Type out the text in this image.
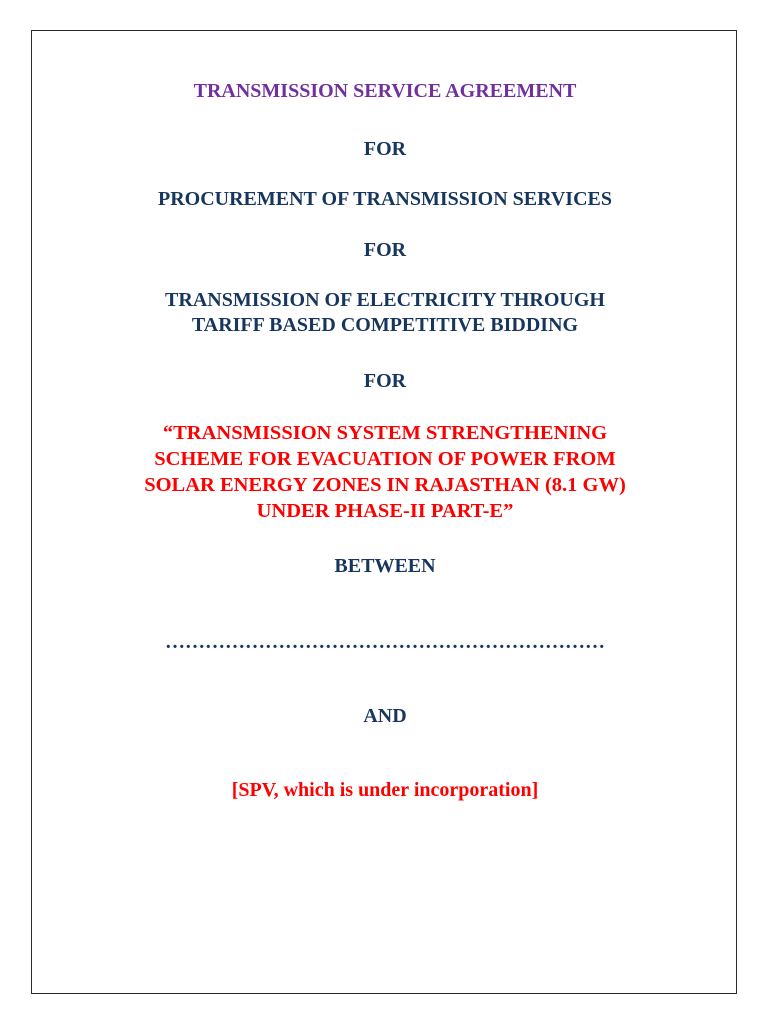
TRANSMISSION SERVICE AGREEMENT

FOR

PROCUREMENT OF TRANSMISSION SERVICES

FOR

TRANSMISSION OF ELECTRICITY THROUGH

TARIFF BASED COMPETITIVE BIDDING

FOR

“TRANSMISSION SYSTEM STRENGTHENING

SCHEME FOR EVACUATION OF POWER FROM

SOLAR ENERGY ZONES IN RAJASTHAN (8.1 GW)

UNDER PHASE-II PART-E”

BETWEEN

…………………………………………………………

AND

[SPV, which is under incorporation]
